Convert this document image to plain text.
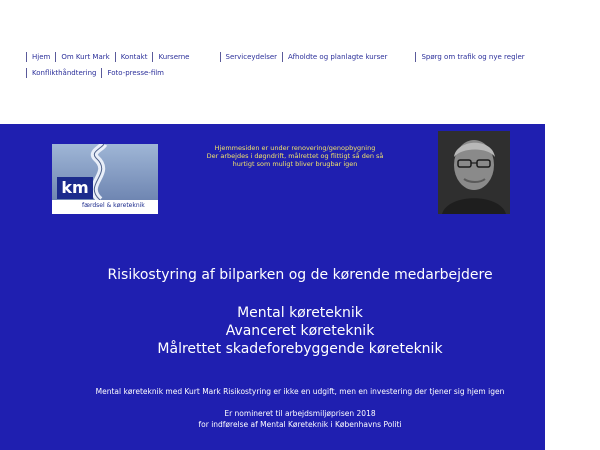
Hjem	Om Kurt Mark	Kontakt	Kurserne	Serviceydelser	Afholdte og planlagte kurser	Spørg om trafik og nye regler
Konflikthåndtering	Foto-presse-film
km
færdsel & køreteknik
Hjemmesiden er under renovering/genopbygning
Der arbejdes i døgndrift, målrettet og flittigt så den så
hurtigt som muligt bliver brugbar igen

Risikostyring af bilparken og de kørende medarbejdere

Mental køreteknik
Avanceret køreteknik
Målrettet skadeforebyggende køreteknik
Mental køreteknik med Kurt Mark Risikostyring er ikke en udgift, men en investering der tjener sig hjem igen
Er nomineret til arbejdsmiljøprisen 2018
for indførelse af Mental Køreteknik i Københavns Politi
